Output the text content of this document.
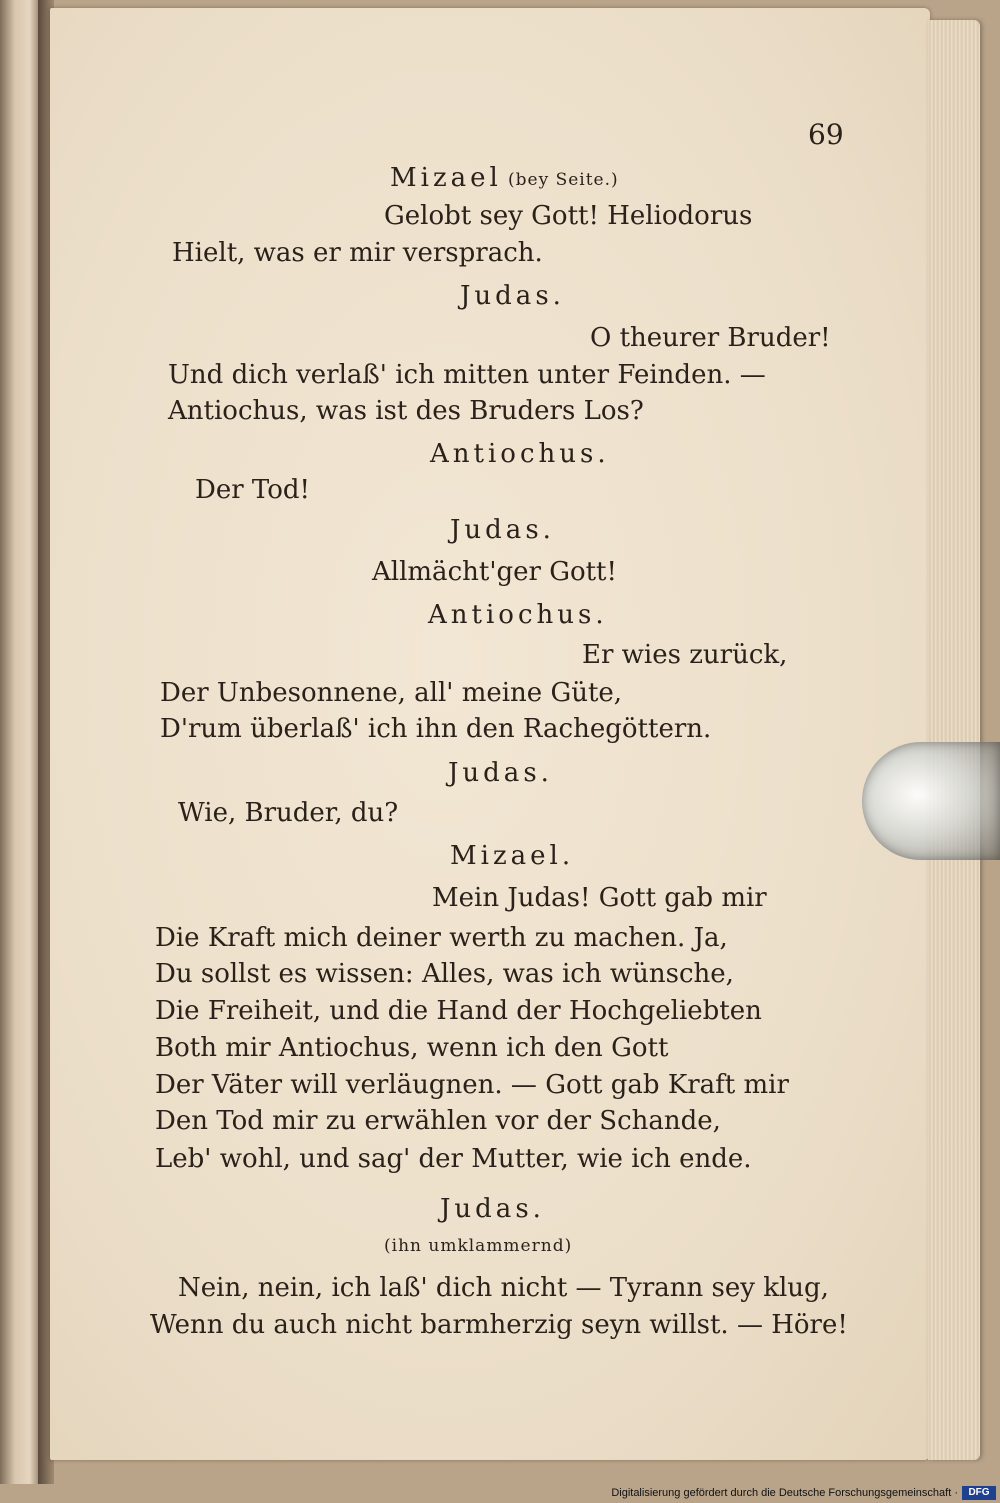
69
Mizael (bey Seite.)
Gelobt sey Gott! Heliodorus
Hielt, was er mir versprach.
Judas.
O theurer Bruder!
Und dich verlaß' ich mitten unter Feinden. —
Antiochus, was ist des Bruders Los?
Antiochus.
Der Tod!
Judas.
Allmächt'ger Gott!
Antiochus.
Er wies zurück,
Der Unbesonnene, all' meine Güte,
D'rum überlaß' ich ihn den Rachegöttern.
Judas.
Wie, Bruder, du?
Mizael.
Mein Judas! Gott gab mir
Die Kraft mich deiner werth zu machen. Ja,
Du sollst es wissen: Alles, was ich wünsche,
Die Freiheit, und die Hand der Hochgeliebten
Both mir Antiochus, wenn ich den Gott
Der Väter will verläugnen. — Gott gab Kraft mir
Den Tod mir zu erwählen vor der Schande,
Leb' wohl, und sag' der Mutter, wie ich ende.
Judas.
(ihn umklammernd)
Nein, nein, ich laß' dich nicht — Tyrann sey klug,
Wenn du auch nicht barmherzig seyn willst. — Höre!
Digitalisierung gefördert durch die Deutsche Forschungsgemeinschaft ·	DFG
